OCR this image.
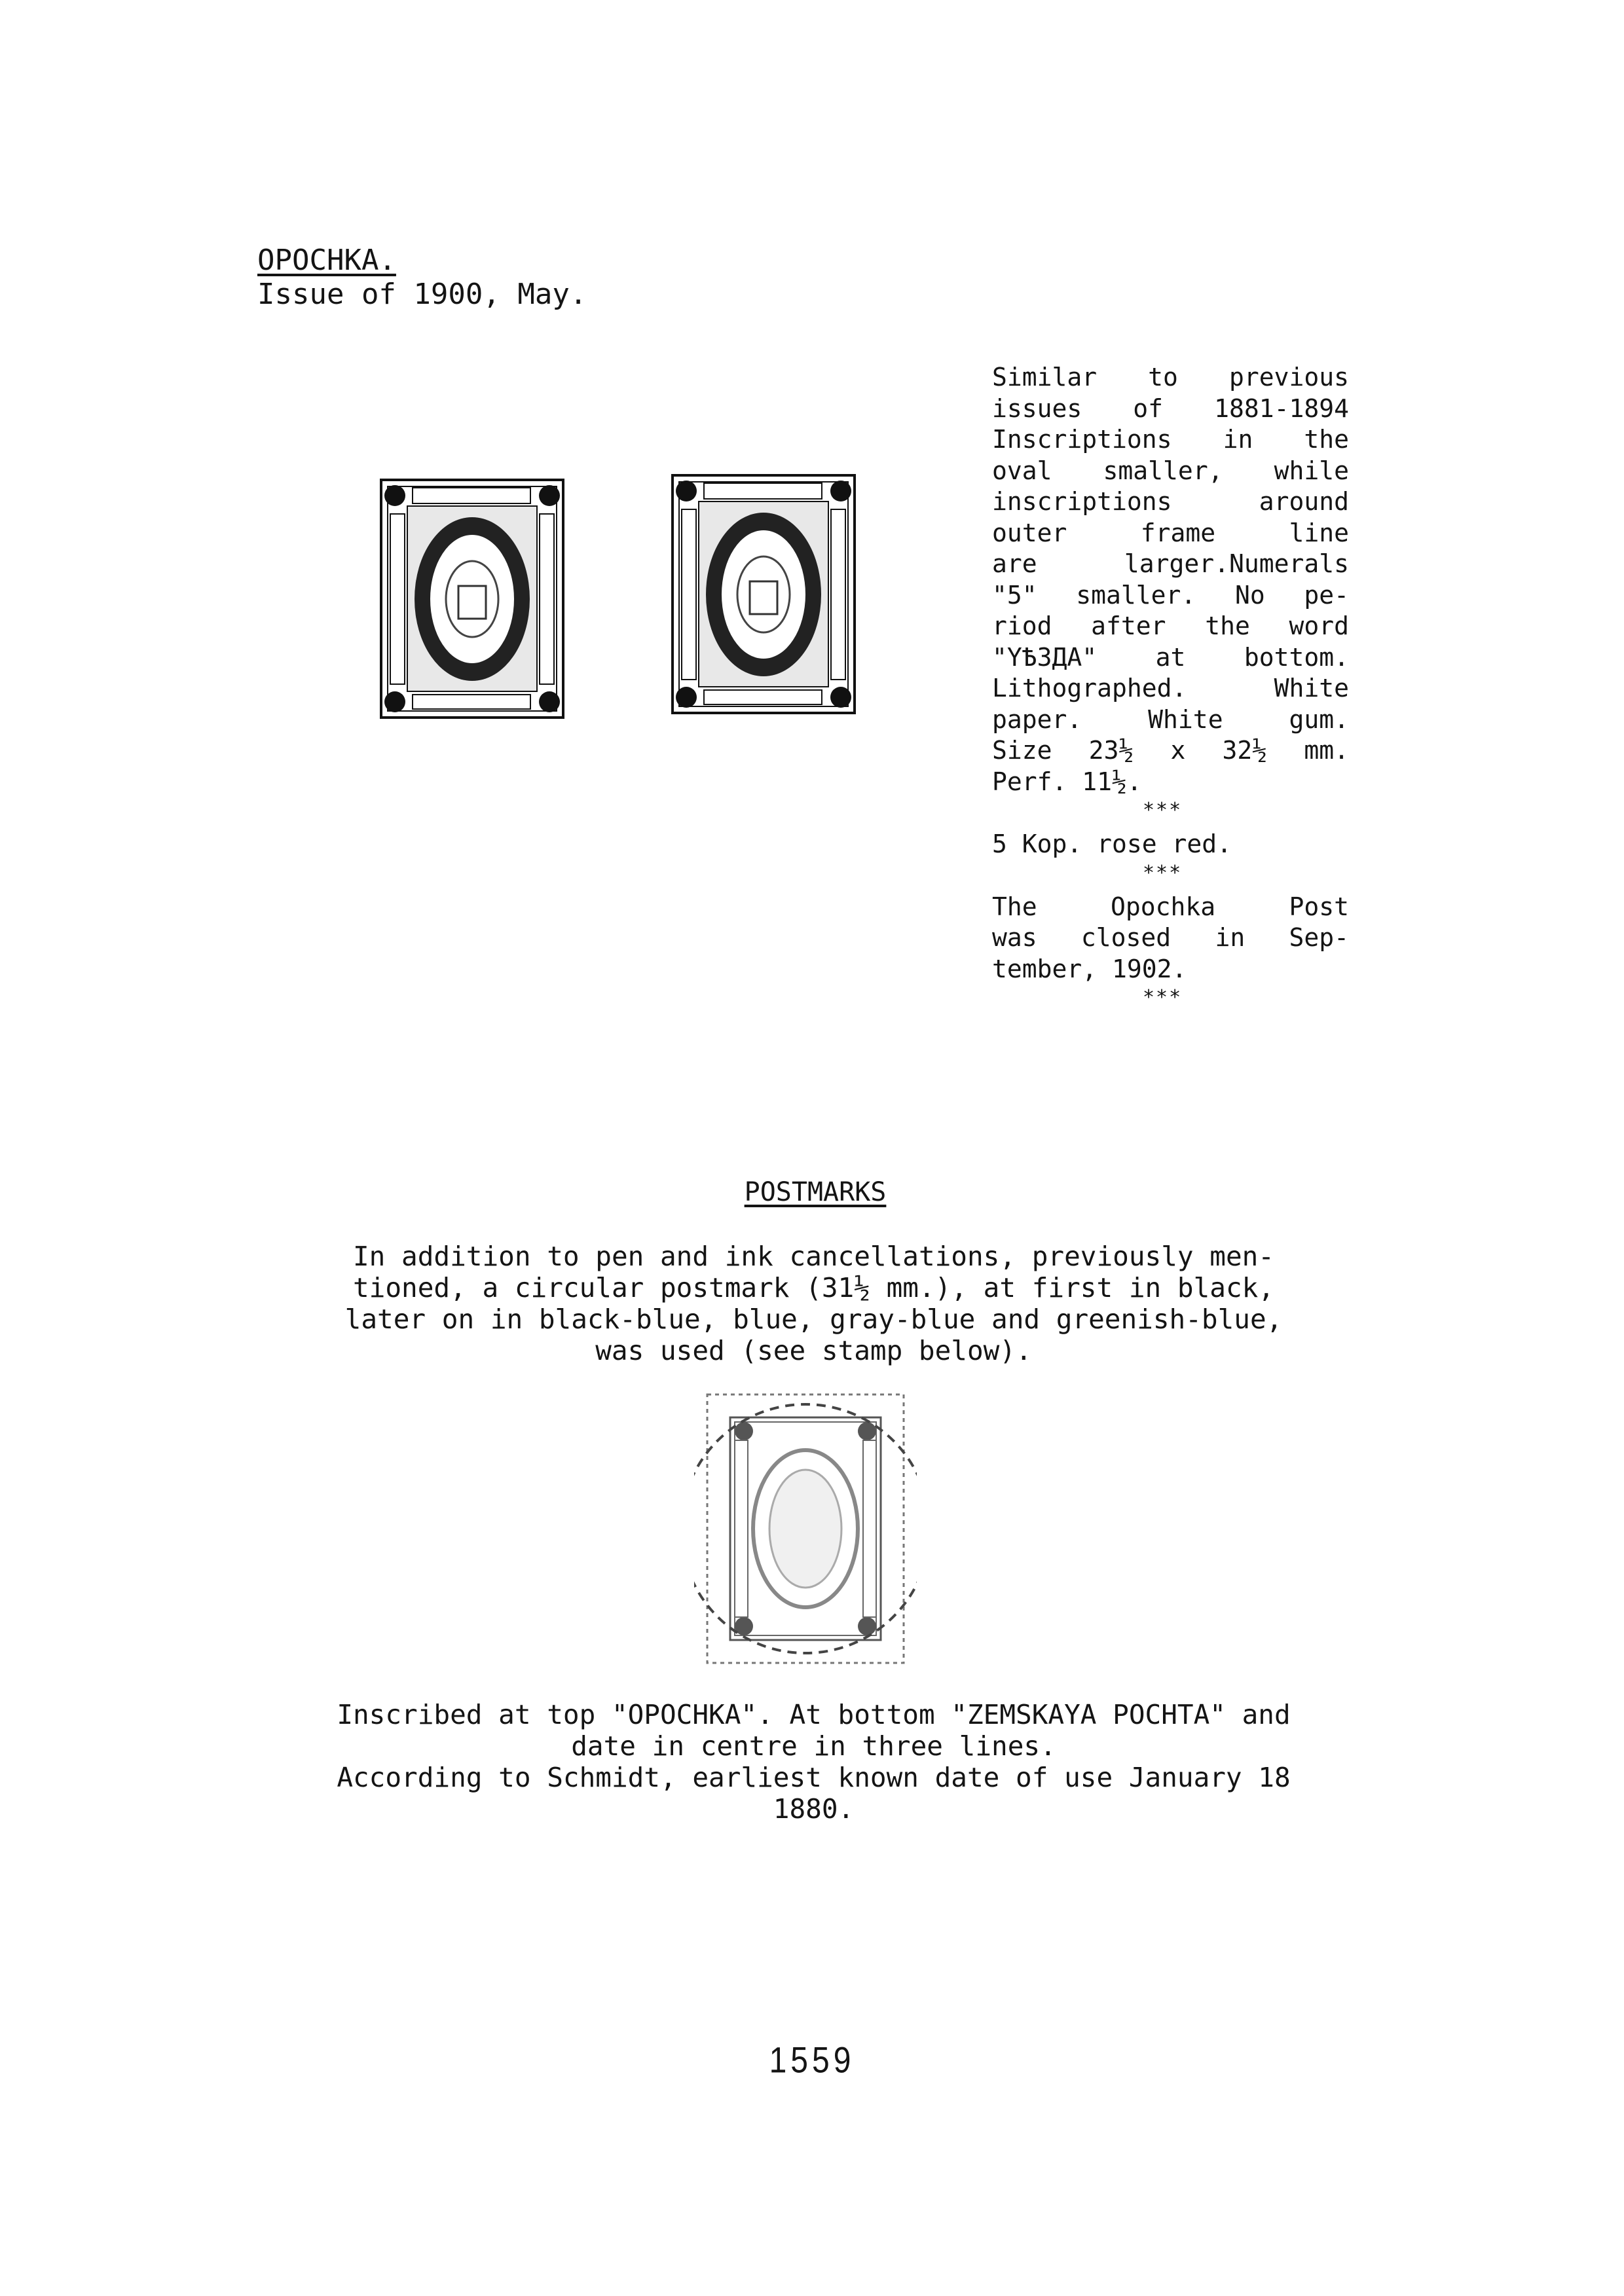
OPOCHKA.
Issue of 1900, May.
Similar to previous
issues of 1881-1894
Inscriptions in the
oval smaller, while
inscriptions around
outer frame line
are larger.Numerals
"5" smaller. No pe-
riod after the word
"YѢЗДА" at bottom.
Lithographed. White
paper. White gum.
Size 23½ x 32½ mm.
Perf. 11½.
***
5 Kop. rose red.
***
The Opochka Post
was closed in Sep-
tember, 1902.
***
POSTMARKS
In addition to pen and ink cancellations, previously men-
tioned, a circular postmark (31½ mm.), at first in black,
later on in black-blue, blue, gray-blue and greenish-blue,
was used (see stamp below).
Inscribed at top "OPOCHKA". At bottom "ZEMSKAYA POCHTA" and
date in centre in three lines.
According to Schmidt, earliest known date of use January 18
1880.
1559
